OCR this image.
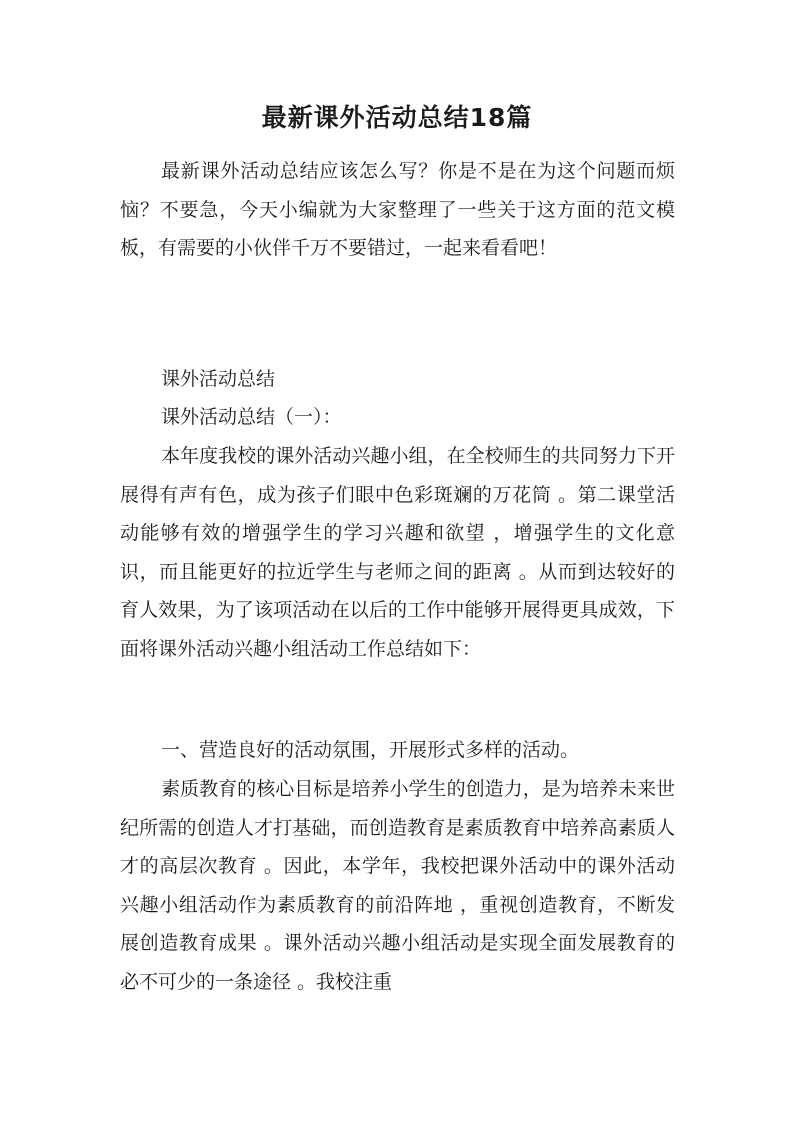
最新课外活动总结18篇

最新课外活动总结应该怎么写？你是不是在为这个问题而烦恼？不要急，今天小编就为大家整理了一些关于这方面的范文模板，有需要的小伙伴千万不要错过，一起来看看吧！

课外活动总结

课外活动总结（一）：

本年度我校的课外活动兴趣小组，在全校师生的共同努力下开展得有声有色，成为孩子们眼中色彩斑斓的万花筒 。第二课堂活动能够有效的增强学生的学习兴趣和欲望 ，增强学生的文化意识，而且能更好的拉近学生与老师之间的距离 。从而到达较好的育人效果，为了该项活动在以后的工作中能够开展得更具成效，下面将课外活动兴趣小组活动工作总结如下：

一、营造良好的活动氛围，开展形式多样的活动。

素质教育的核心目标是培养小学生的创造力，是为培养未来世纪所需的创造人才打基础，而创造教育是素质教育中培养高素质人才的高层次教育 。因此，本学年，我校把课外活动中的课外活动兴趣小组活动作为素质教育的前沿阵地 ，重视创造教育，不断发展创造教育成果 。课外活动兴趣小组活动是实现全面发展教育的必不可少的一条途径 。我校注重
